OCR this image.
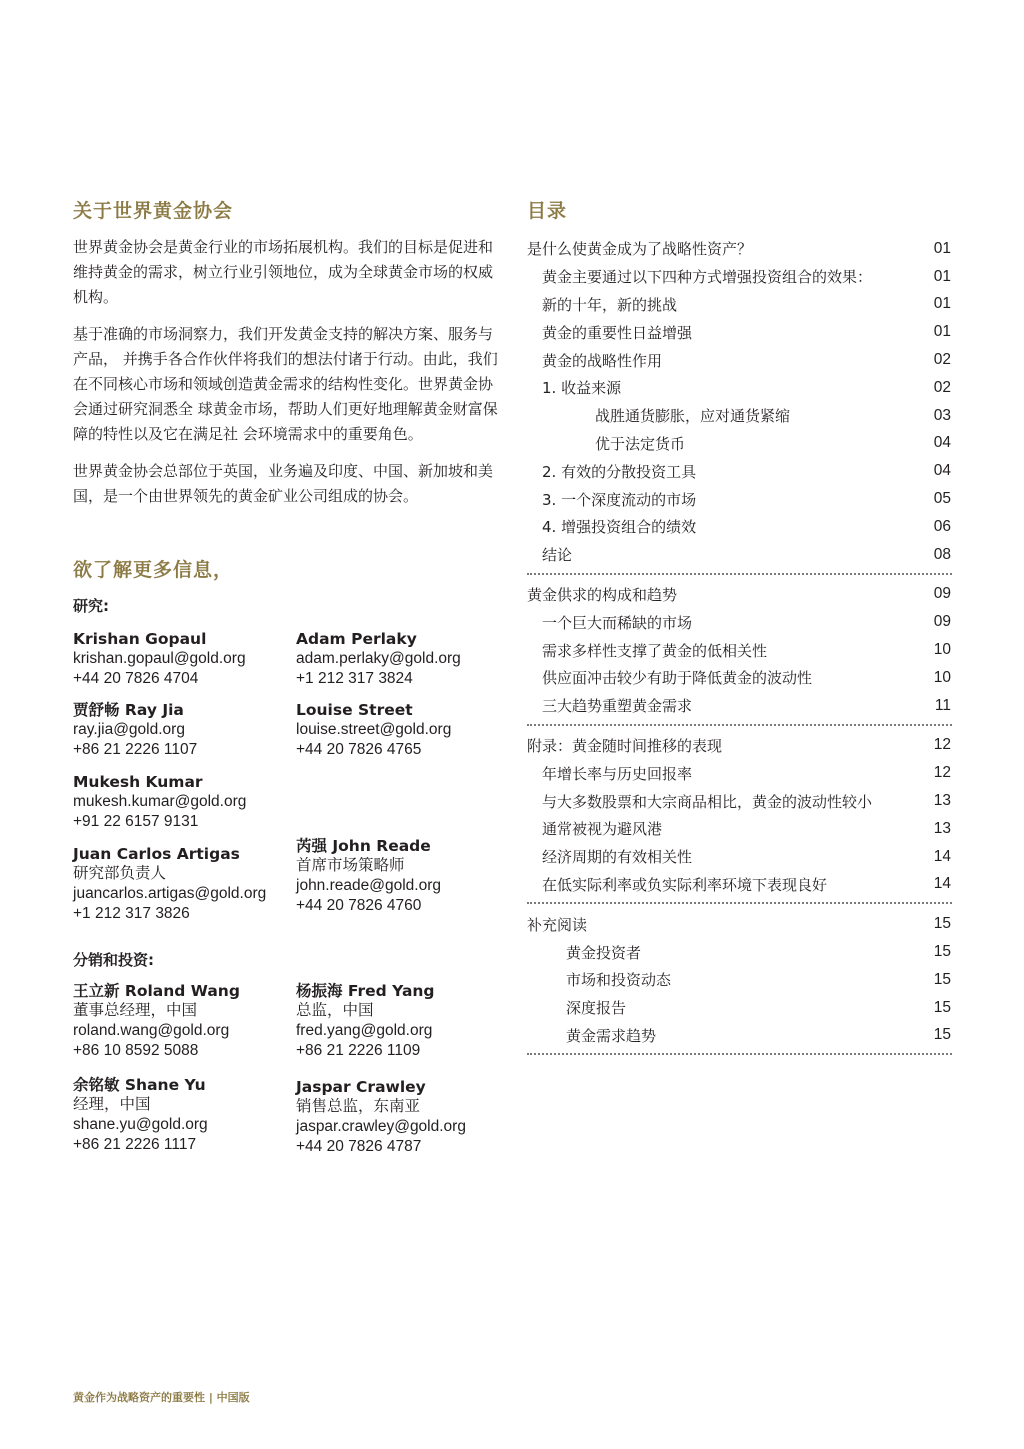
关于世界黄金协会

世界黄金协会是黄金行业的市场拓展机构。我们的目标是促进和维持黄金的需求，树立行业引领地位，成为全球黄金市场的权威机构。

基于准确的市场洞察力，我们开发黄金支持的解决方案、服务与产品， 并携手各合作伙伴将我们的想法付诸于行动。由此，我们在不同核心市场和领域创造黄金需求的结构性变化。世界黄金协会通过研究洞悉全 球黄金市场，帮助人们更好地理解黄金财富保障的特性以及它在满足社 会环境需求中的重要角色。

世界黄金协会总部位于英国，业务遍及印度、中国、新加坡和美国，是一个由世界领先的黄金矿业公司组成的协会。

欲了解更多信息，
研究:
Krishan Gopaul
krishan.gopaul@gold.org
+44 20 7826 4704
Adam Perlaky
adam.perlaky@gold.org
+1 212 317 3824
贾舒畅 Ray Jia
ray.jia@gold.org
+86 21 2226 1107
Louise Street
louise.street@gold.org
+44 20 7826 4765
Mukesh Kumar
mukesh.kumar@gold.org
+91 22 6157 9131
Juan Carlos Artigas
研究部负责人
juancarlos.artigas@gold.org
+1 212 317 3826
芮强 John Reade
首席市场策略师
john.reade@gold.org
+44 20 7826 4760
分销和投资:
王立新 Roland Wang
董事总经理，中国
roland.wang@gold.org
+86 10 8592 5088
杨振海 Fred Yang
总监，中国
fred.yang@gold.org
+86 21 2226 1109
余铭敏 Shane Yu
经理，中国
shane.yu@gold.org
+86 21 2226 1117
Jaspar Crawley
销售总监，东南亚
jaspar.crawley@gold.org
+44 20 7826 4787
目录
是什么使黄金成为了战略性资产？	01
黄金主要通过以下四种方式增强投资组合的效果：	01
新的十年，新的挑战	01
黄金的重要性日益增强	01
黄金的战略性作用	02
1. 收益来源	02
战胜通货膨胀，应对通货紧缩	03
优于法定货币	04
2. 有效的分散投资工具	04
3. 一个深度流动的市场	05
4. 增强投资组合的绩效	06
结论	08
黄金供求的构成和趋势	09
一个巨大而稀缺的市场	09
需求多样性支撑了黄金的低相关性	10
供应面冲击较少有助于降低黄金的波动性	10
三大趋势重塑黄金需求	11
附录：黄金随时间推移的表现	12
年增长率与历史回报率	12
与大多数股票和大宗商品相比，黄金的波动性较小	13
通常被视为避风港	13
经济周期的有效相关性	14
在低实际利率或负实际利率环境下表现良好	14
补充阅读	15
黄金投资者	15
市场和投资动态	15
深度报告	15
黄金需求趋势	15
黄金作为战略资产的重要性 | 中国版
